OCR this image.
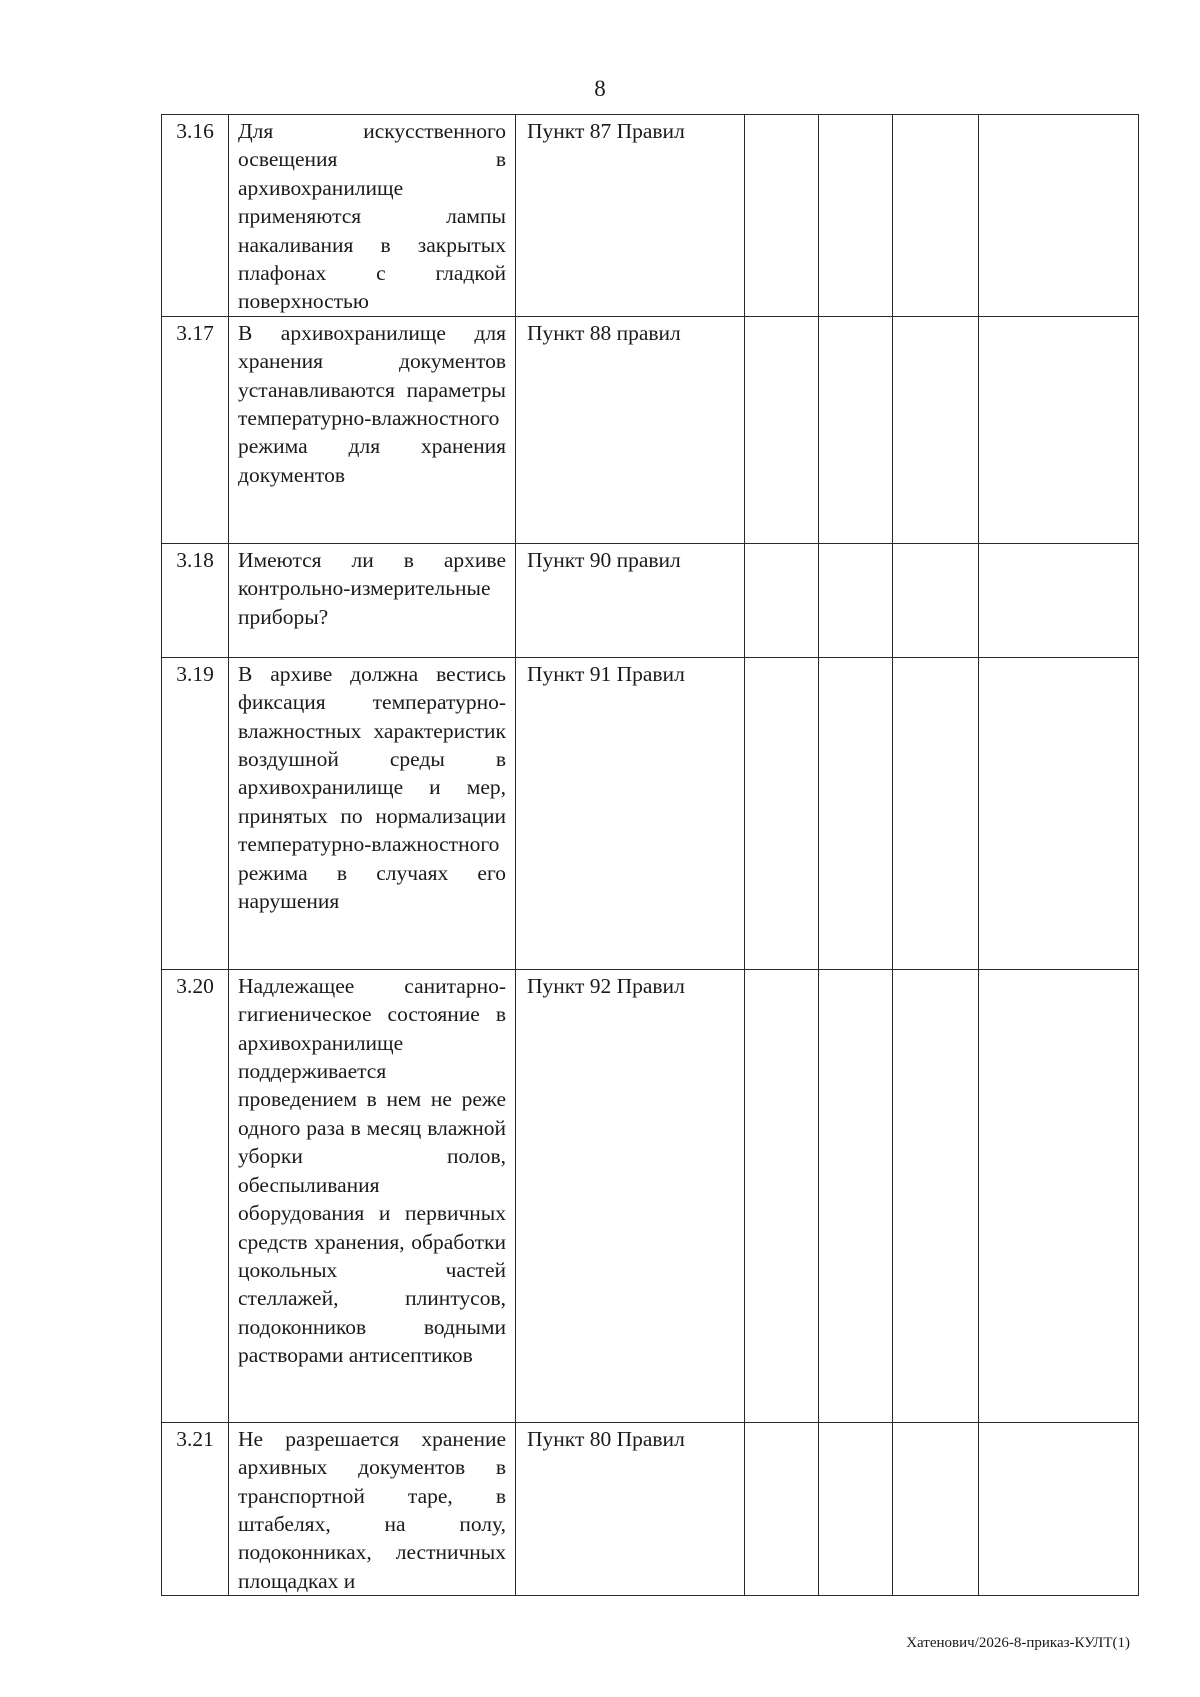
8
3.16	Для искусственного освещения в архивохранилище применяются лампы накаливания в закрытых плафонах с гладкой поверхностью	Пункт 87 Правил				
3.17	В архивохранилище для хранения документов устанавливаются параметры температурно-влажностного режима для хранения документов	Пункт 88 правил				
3.18	Имеются ли в архиве контрольно-измерительные приборы?	Пункт 90 правил				
3.19	В архиве должна вестись фиксация температурно-влажностных характеристик воздушной среды в архивохранилище и мер, принятых по нормализации температурно-влажностного режима в случаях его нарушения	Пункт 91 Правил				
3.20	Надлежащее санитарно-гигиеническое состояние в архивохранилище поддерживается проведением в нем не реже одного раза в месяц влажной уборки полов, обеспыливания оборудования и первичных средств хранения, обработки цокольных частей стеллажей, плинтусов, подоконников водными растворами антисептиков	Пункт 92 Правил				
3.21	Не разрешается хранение архивных документов в транспортной таре, в штабелях, на полу, подоконниках, лестничных площадках и	Пункт 80 Правил				
Хатенович/2026-8-приказ-КУЛТ(1)
